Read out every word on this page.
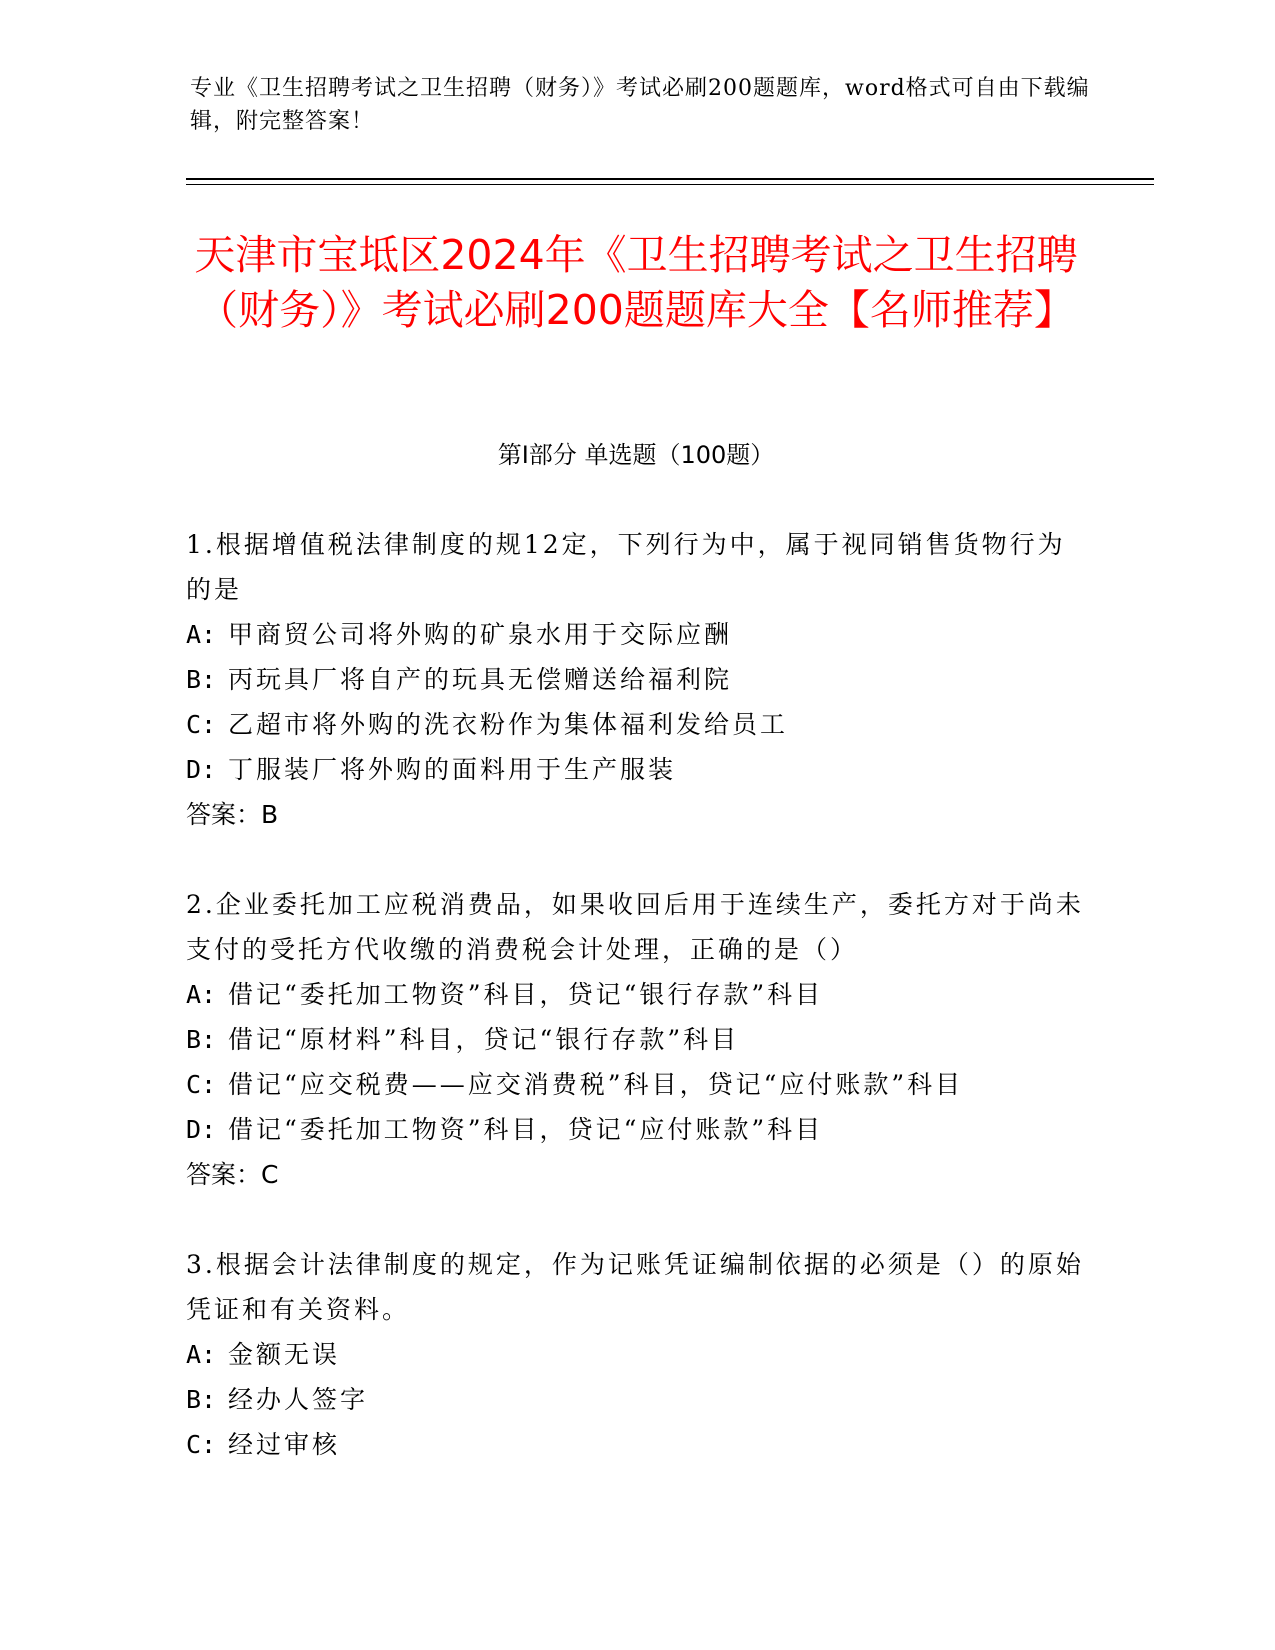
专业《卫生招聘考试之卫生招聘（财务）》考试必刷200题题库，word格式可自由下载编辑，附完整答案！
天津市宝坻区2024年《卫生招聘考试之卫生招聘（财务）》考试必刷200题题库大全【名师推荐】
第Ⅰ部分 单选题（100题）

1.根据增值税法律制度的规12定，下列行为中，属于视同销售货物行为的是

A: 甲商贸公司将外购的矿泉水用于交际应酬

B: 丙玩具厂将自产的玩具无偿赠送给福利院

C: 乙超市将外购的洗衣粉作为集体福利发给员工

D: 丁服装厂将外购的面料用于生产服装

答案：B

2.企业委托加工应税消费品，如果收回后用于连续生产，委托方对于尚未支付的受托方代收缴的消费税会计处理，正确的是（）

A: 借记“委托加工物资”科目，贷记“银行存款”科目

B: 借记“原材料”科目，贷记“银行存款”科目

C: 借记“应交税费——应交消费税”科目，贷记“应付账款”科目

D: 借记“委托加工物资”科目，贷记“应付账款”科目

答案：C

3.根据会计法律制度的规定，作为记账凭证编制依据的必须是（）的原始凭证和有关资料。

A: 金额无误

B: 经办人签字

C: 经过审核
